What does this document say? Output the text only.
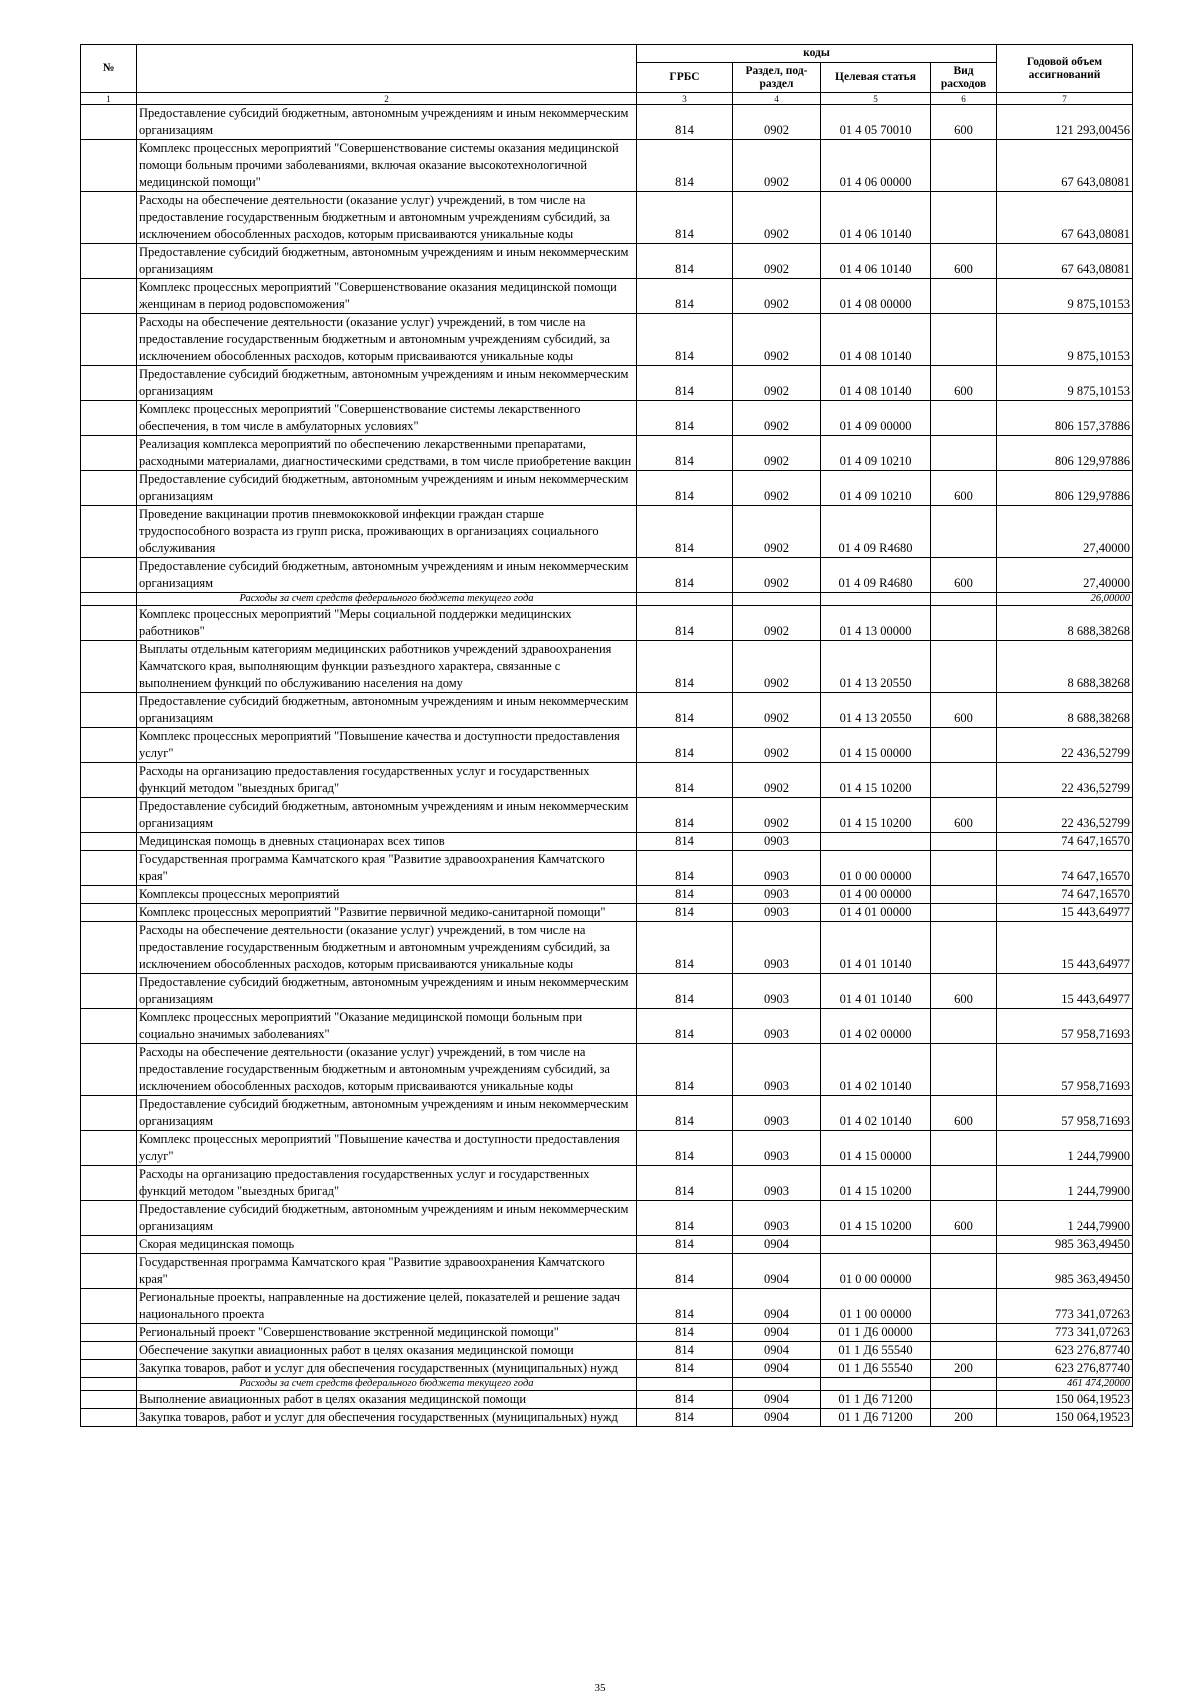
№		коды				Годовой объем ассигнований
		ГРБС	Раздел, под-раздел	Целевая статья	Вид расходов	
1	2	3	4	5	6	7
	Предоставление субсидий бюджетным, автономным учреждениям и иным некоммерческим организациям	814	0902	01 4 05 70010	600	121 293,00456
	Комплекс процессных мероприятий "Совершенствование системы оказания медицинской помощи больным прочими заболеваниями, включая оказание высокотехнологичной медицинской помощи"	814	0902	01 4 06 00000		67 643,08081
	Расходы на обеспечение деятельности (оказание услуг) учреждений, в том числе на предоставление государственным бюджетным и автономным учреждениям субсидий, за исключением обособленных расходов, которым присваиваются уникальные коды	814	0902	01 4 06 10140		67 643,08081
	Предоставление субсидий бюджетным, автономным учреждениям и иным некоммерческим организациям	814	0902	01 4 06 10140	600	67 643,08081
	Комплекс процессных мероприятий "Совершенствование оказания медицинской помощи женщинам в период родовспоможения"	814	0902	01 4 08 00000		9 875,10153
	Расходы на обеспечение деятельности (оказание услуг) учреждений, в том числе на предоставление государственным бюджетным и автономным учреждениям субсидий, за исключением обособленных расходов, которым присваиваются уникальные коды	814	0902	01 4 08 10140		9 875,10153
	Предоставление субсидий бюджетным, автономным учреждениям и иным некоммерческим организациям	814	0902	01 4 08 10140	600	9 875,10153
	Комплекс процессных мероприятий "Совершенствование системы лекарственного обеспечения, в том числе в амбулаторных условиях"	814	0902	01 4 09 00000		806 157,37886
	Реализация комплекса мероприятий по обеспечению лекарственными препаратами, расходными материалами, диагностическими средствами, в том числе приобретение вакцин	814	0902	01 4 09 10210		806 129,97886
	Предоставление субсидий бюджетным, автономным учреждениям и иным некоммерческим организациям	814	0902	01 4 09 10210	600	806 129,97886
	Проведение вакцинации против пневмококковой инфекции граждан старше трудоспособного возраста из групп риска, проживающих в организациях социального обслуживания	814	0902	01 4 09 R4680		27,40000
	Предоставление субсидий бюджетным, автономным учреждениям и иным некоммерческим организациям	814	0902	01 4 09 R4680	600	27,40000
	Расходы за счет средств федерального бюджета текущего года					26,00000
	Комплекс процессных мероприятий "Меры социальной поддержки медицинских работников"	814	0902	01 4 13 00000		8 688,38268
	Выплаты отдельным категориям медицинских работников учреждений здравоохранения Камчатского края, выполняющим функции разъездного характера, связанные с выполнением функций по обслуживанию населения на дому	814	0902	01 4 13 20550		8 688,38268
	Предоставление субсидий бюджетным, автономным учреждениям и иным некоммерческим организациям	814	0902	01 4 13 20550	600	8 688,38268
	Комплекс процессных мероприятий "Повышение качества и доступности предоставления услуг"	814	0902	01 4 15 00000		22 436,52799
	Расходы на организацию предоставления государственных услуг и государственных функций методом "выездных бригад"	814	0902	01 4 15 10200		22 436,52799
	Предоставление субсидий бюджетным, автономным учреждениям и иным некоммерческим организациям	814	0902	01 4 15 10200	600	22 436,52799
	Медицинская помощь в дневных стационарах всех типов	814	0903			74 647,16570
	Государственная программа Камчатского края "Развитие здравоохранения Камчатского края"	814	0903	01 0 00 00000		74 647,16570
	Комплексы процессных мероприятий	814	0903	01 4 00 00000		74 647,16570
	Комплекс процессных мероприятий "Развитие первичной медико-санитарной помощи"	814	0903	01 4 01 00000		15 443,64977
	Расходы на обеспечение деятельности (оказание услуг) учреждений, в том числе на предоставление государственным бюджетным и автономным учреждениям субсидий, за исключением обособленных расходов, которым присваиваются уникальные коды	814	0903	01 4 01 10140		15 443,64977
	Предоставление субсидий бюджетным, автономным учреждениям и иным некоммерческим организациям	814	0903	01 4 01 10140	600	15 443,64977
	Комплекс процессных мероприятий "Оказание медицинской помощи больным при социально значимых заболеваниях"	814	0903	01 4 02 00000		57 958,71693
	Расходы на обеспечение деятельности (оказание услуг) учреждений, в том числе на предоставление государственным бюджетным и автономным учреждениям субсидий, за исключением обособленных расходов, которым присваиваются уникальные коды	814	0903	01 4 02 10140		57 958,71693
	Предоставление субсидий бюджетным, автономным учреждениям и иным некоммерческим организациям	814	0903	01 4 02 10140	600	57 958,71693
	Комплекс процессных мероприятий "Повышение качества и доступности предоставления услуг"	814	0903	01 4 15 00000		1 244,79900
	Расходы на организацию предоставления государственных услуг и государственных функций методом "выездных бригад"	814	0903	01 4 15 10200		1 244,79900
	Предоставление субсидий бюджетным, автономным учреждениям и иным некоммерческим организациям	814	0903	01 4 15 10200	600	1 244,79900
	Скорая медицинская помощь	814	0904			985 363,49450
	Государственная программа Камчатского края "Развитие здравоохранения Камчатского края"	814	0904	01 0 00 00000		985 363,49450
	Региональные проекты, направленные на достижение целей, показателей и решение задач национального проекта	814	0904	01 1 00 00000		773 341,07263
	Региональный проект "Совершенствование экстренной медицинской помощи"	814	0904	01 1 Д6 00000		773 341,07263
	Обеспечение закупки авиационных работ в целях оказания медицинской помощи	814	0904	01 1 Д6 55540		623 276,87740
	Закупка товаров, работ и услуг для обеспечения государственных (муниципальных) нужд	814	0904	01 1 Д6 55540	200	623 276,87740
	Расходы за счет средств федерального бюджета текущего года					461 474,20000
	Выполнение авиационных работ в целях оказания медицинской помощи	814	0904	01 1 Д6 71200		150 064,19523
	Закупка товаров, работ и услуг для обеспечения государственных (муниципальных) нужд	814	0904	01 1 Д6 71200	200	150 064,19523
35
